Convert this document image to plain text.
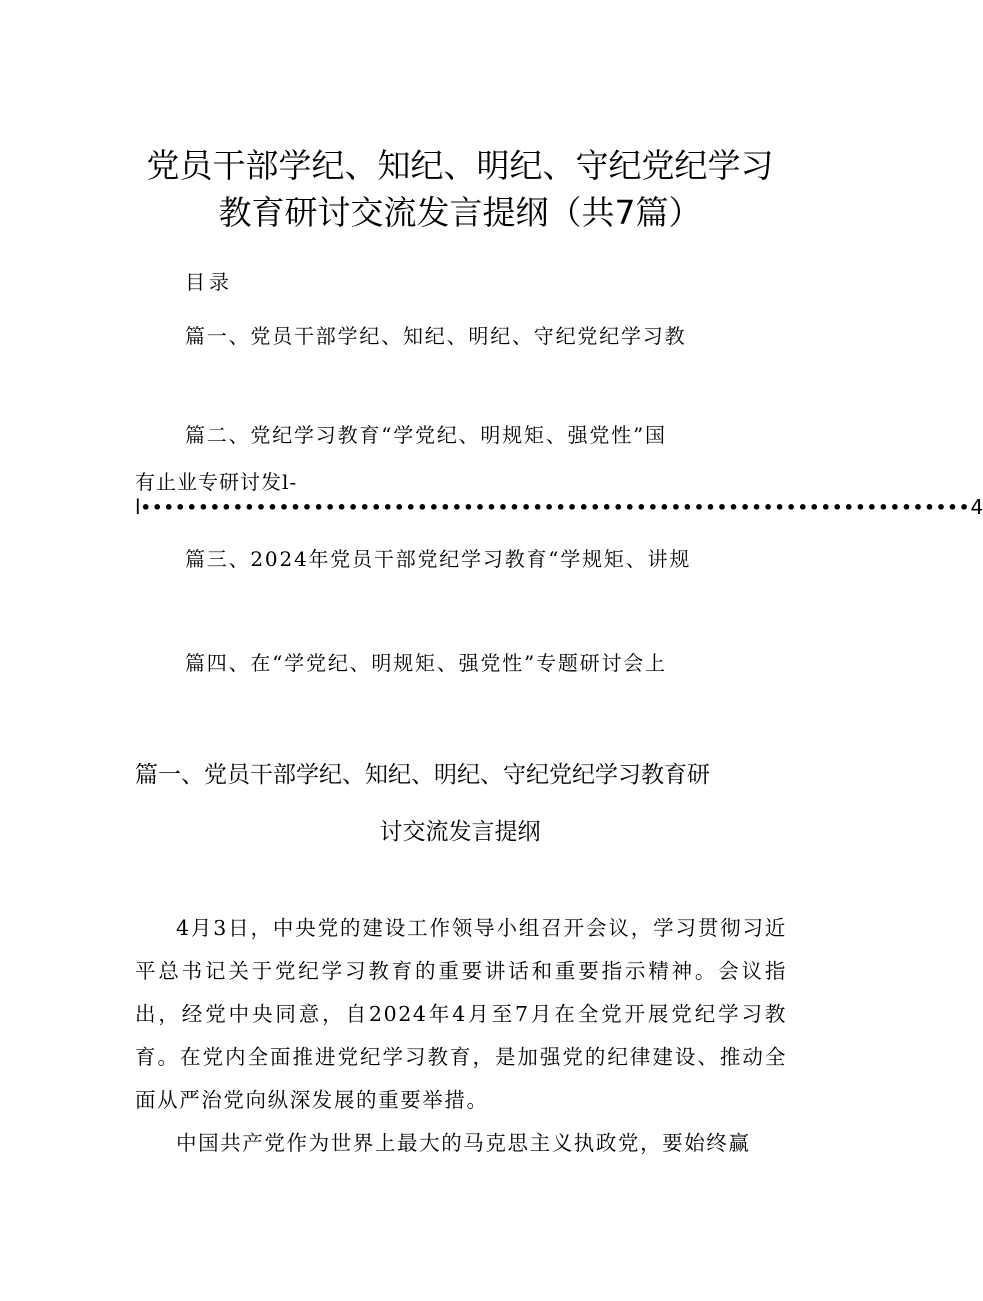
党员干部学纪、知纪、明纪、守纪党纪学习
教育研讨交流发言提纲（共7篇）
目录
篇一、党员干部学纪、知纪、明纪、守纪党纪学习教
篇二、党纪学习教育“学党纪、明规矩、强党性”国
有止业专研讨发l-
l •••••••••••••••••••••••••••••••••••••••••••••••••••••••••••••••••••••••• 4
篇三、2024年党员干部党纪学习教育“学规矩、讲规
篇四、在“学党纪、明规矩、强党性”专题研讨会上
篇一、党员干部学纪、知纪、明纪、守纪党纪学习教育研
讨交流发言提纲

4月3日，中央党的建设工作领导小组召开会议，学习贯彻习近平总书记关于党纪学习教育的重要讲话和重要指示精神。会议指出，经党中央同意，自2024年4月至7月在全党开展党纪学习教育。在党内全面推进党纪学习教育，是加强党的纪律建设、推动全面从严治党向纵深发展的重要举措。

中国共产党作为世界上最大的马克思主义执政党，要始终赢
